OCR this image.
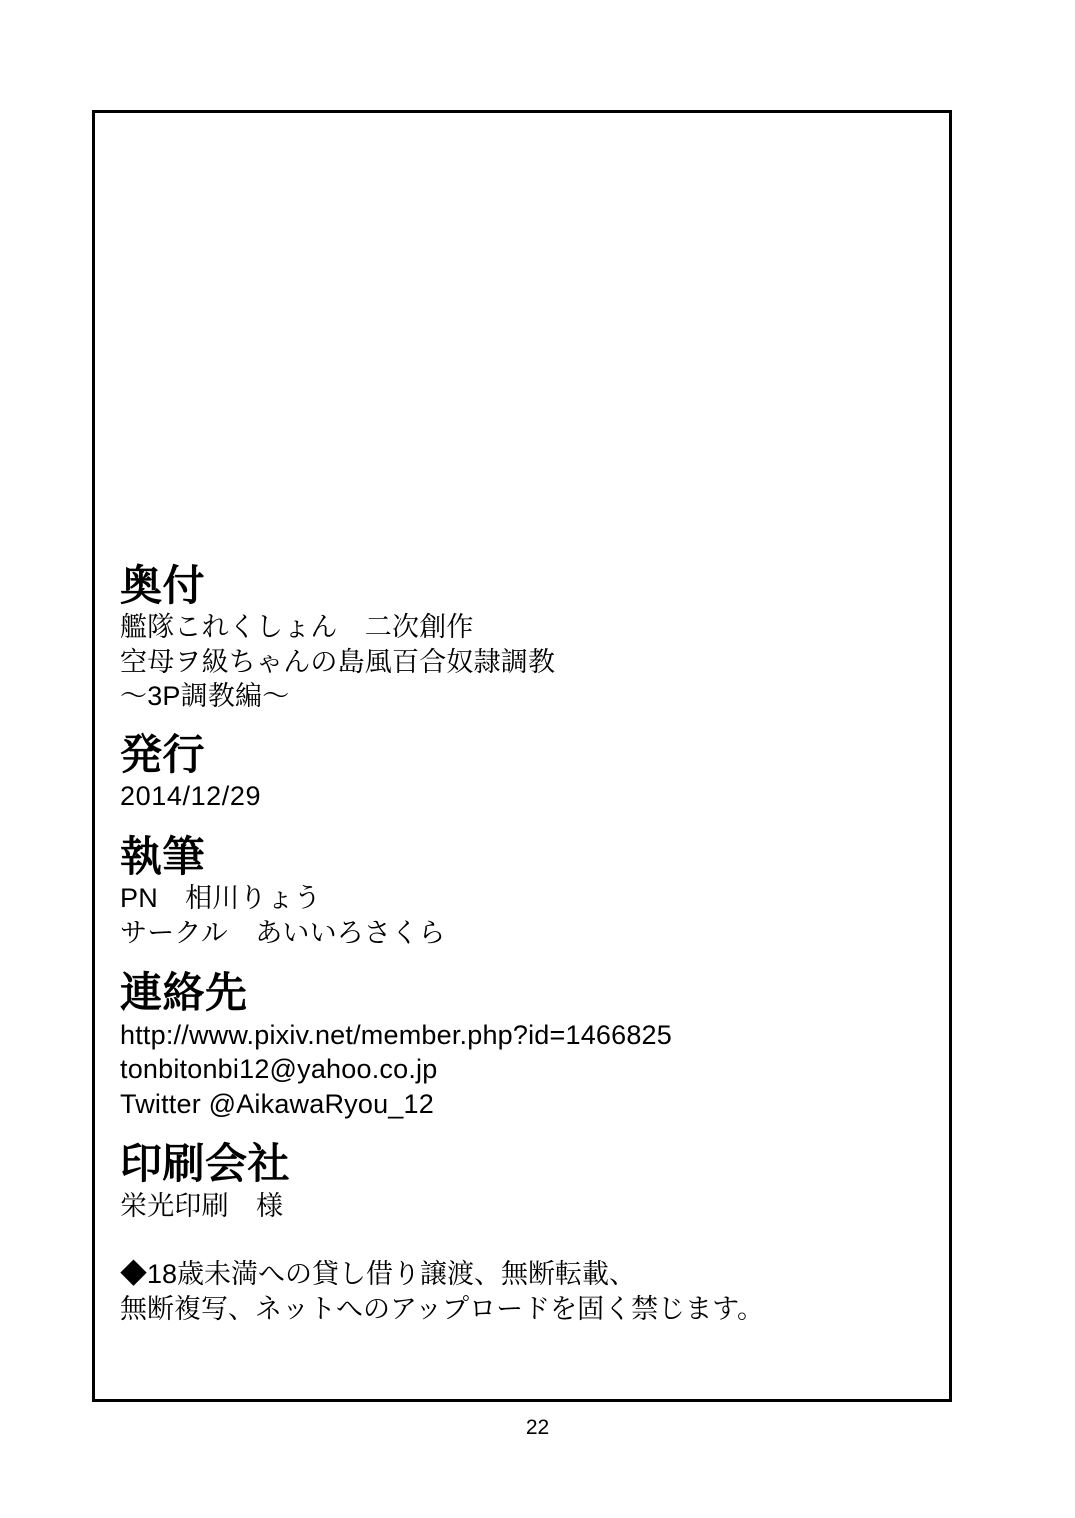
奥付
艦隊これくしょん　二次創作
空母ヲ級ちゃんの島風百合奴隷調教
〜3P調教編〜
発行
2014/12/29
執筆
PN　相川りょう
サークル　あいいろさくら
連絡先
http://www.pixiv.net/member.php?id=1466825
tonbitonbi12@yahoo.co.jp
Twitter @AikawaRyou_12
印刷会社
栄光印刷　様

◆18歳未満への貸し借り譲渡、無断転載、

無断複写、ネットへのアップロードを固く禁じます。

22
